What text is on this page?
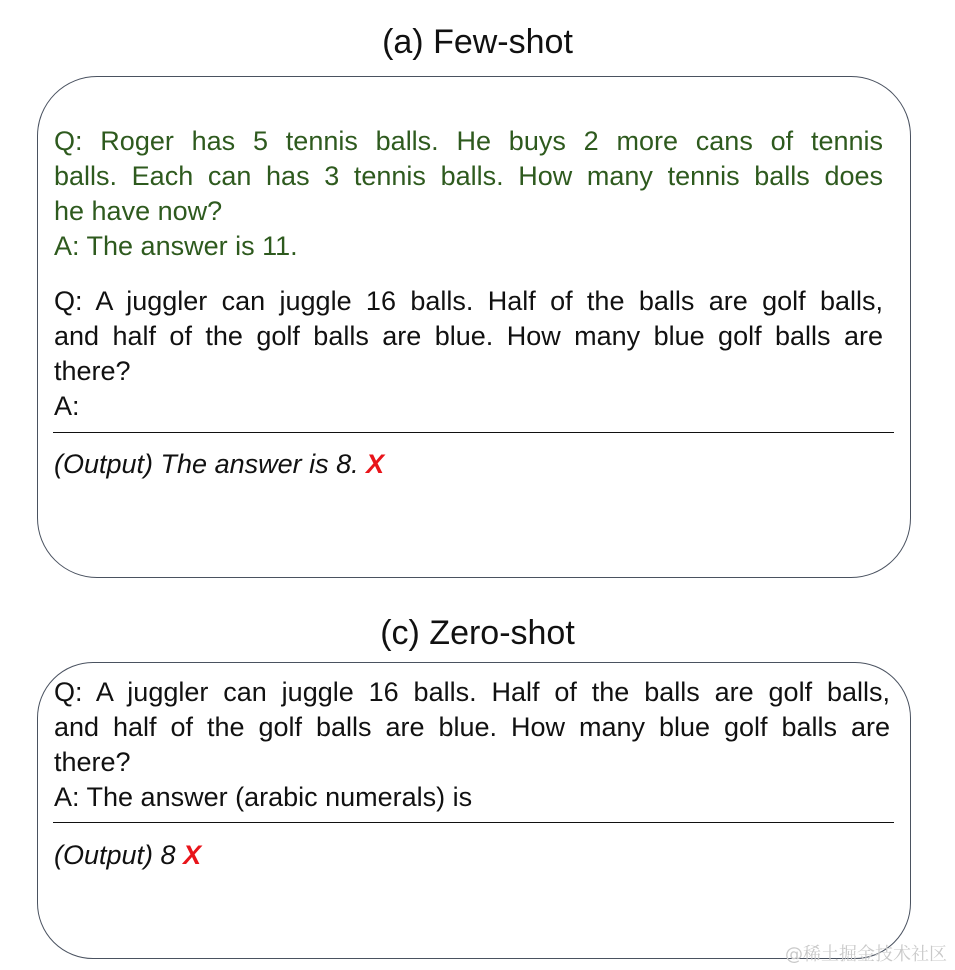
(a) Few-shot
Q: Roger has 5 tennis balls. He buys 2 more cans of tennis
balls. Each can has 3 tennis balls. How many tennis balls does
he have now?
A: The answer is 11.
Q: A juggler can juggle 16 balls. Half of the balls are golf balls,
and half of the golf balls are blue. How many blue golf balls are
there?
A:
(Output) The answer is 8. X
(c) Zero-shot
Q: A juggler can juggle 16 balls. Half of the balls are golf balls,
and half of the golf balls are blue. How many blue golf balls are
there?
A: The answer (arabic numerals) is
(Output) 8 X
@稀土掘金技术社区
